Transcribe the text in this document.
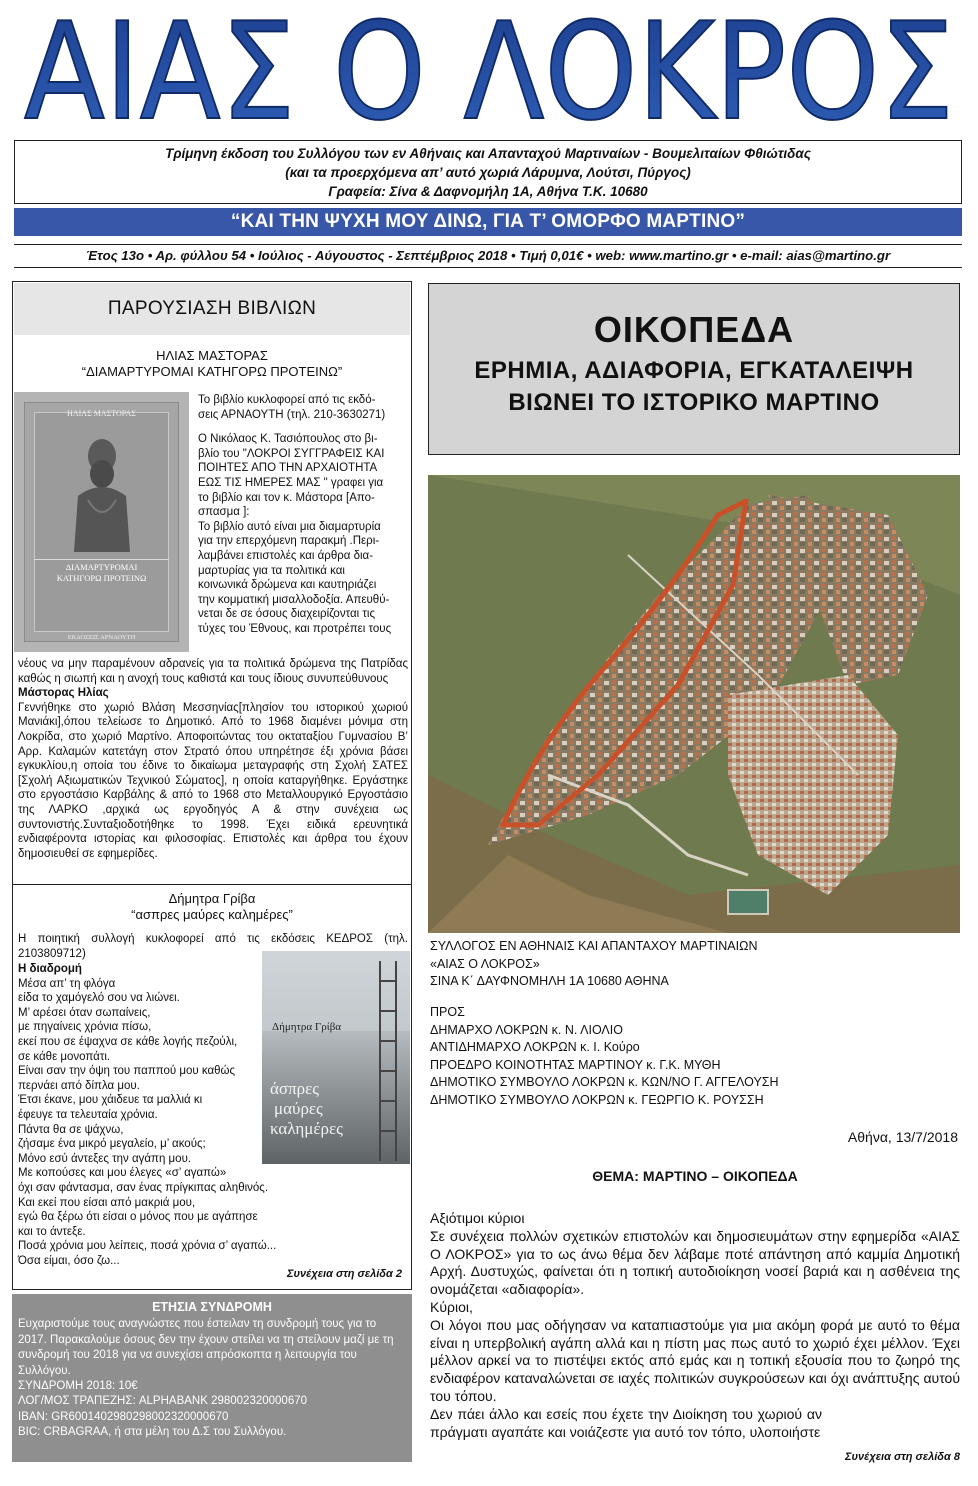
ΑΙΑΣ Ο ΛΟΚΡΟΣ
Τρίμηνη έκδοση του Συλλόγου των εν Αθήναις και Απανταχού Μαρτιναίων - Βουμελιταίων Φθιώτιδας
(και τα προερχόμενα απ’ αυτό χωριά Λάρυμνα, Λούτσι, Πύργος)
Γραφεία: Σίνα & Δαφνομήλη 1Α, Αθήνα Τ.Κ. 10680
“ΚΑΙ ΤΗΝ ΨΥΧΗ ΜΟΥ ΔΙΝΩ, ΓΙΑ Τ’ ΟΜΟΡΦΟ ΜΑΡΤΙΝΟ”
Έτος 13ο • Αρ. φύλλου 54 • Ιούλιος - Αύγουστος - Σεπτέμβριος 2018 • Τιμή 0,01€ • web: www.martino.gr • e-mail: aias@martino.gr
ΠΑΡΟΥΣΙΑΣΗ ΒΙΒΛΙΩΝ
ΗΛΙΑΣ ΜΑΣΤΟΡΑΣ
“ΔΙΑΜΑΡΤΥΡΟΜΑΙ ΚΑΤΗΓΟΡΩ ΠΡΟΤΕΙΝΩ”
ΗΛΙΑΣ ΜΑΣΤΟΡΑΣ
ΔΙΑΜΑΡΤΥΡΟΜΑΙ
ΚΑΤΗΓΟΡΩ ΠΡΟΤΕΙΝΩ
ΕΚΔΟΣΕΙΣ ΑΡΝΑΟΥΤΗ
Το βιβλίο κυκλοφορεί από τις εκδό-
σεις ΑΡΝΑΟΥΤΗ (τηλ. 210-3630271)
Ο Νικόλαος Κ. Τασιόπουλος στο βι-
βλίο του "ΛΟΚΡΟΙ ΣΥΓΓΡΑΦΕΙΣ ΚΑΙ
ΠΟΙΗΤΕΣ ΑΠΟ ΤΗΝ ΑΡΧΑΙΟΤΗΤΑ
ΕΩΣ ΤΙΣ ΗΜΕΡΕΣ ΜΑΣ " γραφει για
το βιβλίο και τον κ. Μάστορα [Απο-
σπασμα ]:
Το βιβλίο αυτό είναι μια διαμαρτυρία
για την επερχόμενη παρακμή .Περι-
λαμβάνει επιστολές και άρθρα δια-
μαρτυρίας για τα πολιτικά και
κοινωνικά δρώμενα και καυτηριάζει
την κομματική μισαλλοδοξία. Απευθύ-
νεται δε σε όσους διαχειρίζονται τις
τύχες του Έθνους, και προτρέπει τους
νέους να μην παραμένουν αδρανείς για τα πολιτικά δρώμενα της Πατρίδας καθώς η σιωπή και η ανοχή τους καθιστά και τους ίδιους συνυπεύθυνους
Μάστορας Ηλίας
Γεννήθηκε στο χωριό Βλάση Μεσσηνίας[πλησίον του ιστορικού χωριού Μανιάκι],όπου τελείωσε το Δημοτικό. Από το 1968 διαμένει μόνιμα στη Λοκρίδα, στο χωριό Μαρτίνο. Αποφοιτώντας του οκταταξίου Γυμνασίου Β’ Αρρ. Καλαμών κατετάγη στον Στρατό όπου υπηρέτησε έξι χρόνια βάσει εγκυκλίου,η οποία του έδινε το δικαίωμα μεταγραφής στη Σχολή ΣΑΤΕΣ [Σχολή Αξιωματικών Τεχνικού Σώματος], η οποία καταργήθηκε. Εργάστηκε στο εργοστάσιο Καρβάλης & από το 1968 στο Μεταλλουργικό Εργοστάσιο της ΛΑΡΚΟ ,αρχικά ως εργοδηγός Α & στην συνέχεια ως συντονιστής.Συνταξιοδοτήθηκε το 1998. Έχει ειδικά ερευνητικά ενδιαφέροντα ιστορίας και φιλοσοφίας. Επιστολές και άρθρα του έχουν δημοσιευθεί σε εφημερίδες.
Δήμητρα Γρίβα
“ασπρες μαύρες καλημέρες”
Η ποιητική συλλογή κυκλοφορεί από τις εκδόσεις ΚΕΔΡΟΣ (τηλ. 2103809712)
Η διαδρομή
Μέσα απ’ τη φλόγα
είδα το χαμόγελό σου να λιώνει.
Μ’ αρέσει όταν σωπαίνεις,
με πηγαίνεις χρόνια πίσω,
εκεί που σε έψαχνα σε κάθε λογής πεζούλι,
σε κάθε μονοπάτι.
Είναι σαν την όψη του παππού μου καθώς
περνάει από δίπλα μου.
Έτσι έκανε, μου χάιδευε τα μαλλιά κι
έφευγε τα τελευταία χρόνια.
Πάντα θα σε ψάχνω,
ζήσαμε ένα μικρό μεγαλείο, μ’ ακούς;
Μόνο εσύ άντεξες την αγάπη μου.
Με κοπούσες και μου έλεγες «σ’ αγαπώ»
όχι σαν φάντασμα, σαν ένας πρίγκιπας αληθινός.
Και εκεί που είσαι από μακριά μου,
εγώ θα ξέρω ότι είσαι ο μόνος που με αγάπησε
και το άντεξε.
Ποσά χρόνια μου λείπεις, ποσά χρόνια σ’ αγαπώ...
Όσα είμαι, όσο ζω...
Συνέχεια στη σελίδα 2
Δήμητρα Γρίβα
άσπρες
μαύρες
καλημέρες
ΕΤΗΣΙΑ ΣΥΝΔΡΟΜΗ
Ευχαριστούμε τους αναγνώστες που έστειλαν τη συνδρομή τους για το 2017. Παρακαλούμε όσους δεν την έχουν στείλει να τη στείλουν μαζί με τη συνδρομή του 2018 για να συνεχίσει απρόσκοπτα η λειτουργία του Συλλόγου.
ΣΥΝΔΡΟΜΗ 2018: 10€
ΛΟΓ/ΜΟΣ ΤΡΑΠΕΖΗΣ: ALPHABANK 298002320000670
IBAN: GR6001402980298002320000670
BIC: CRBAGRAA, ή στα μέλη του Δ.Σ του Συλλόγου.
ΟΙΚΟΠΕΔΑ
ΕΡΗΜΙΑ, ΑΔΙΑΦΟΡΙΑ, ΕΓΚΑΤΑΛΕΙΨΗ
ΒΙΩΝΕΙ ΤΟ ΙΣΤΟΡΙΚΟ ΜΑΡΤΙΝΟ
ΣΥΛΛΟΓΟΣ ΕΝ ΑΘΗΝΑΙΣ ΚΑΙ ΑΠΑΝΤΑΧΟΥ ΜΑΡΤΙΝΑΙΩΝ
«ΑΙΑΣ Ο ΛΟΚΡΟΣ»
ΣΙΝΑ Κ΄ ΔΑΥΦΝΟΜΗΛΗ 1Α 10680 ΑΘΗΝΑ
ΠΡΟΣ
ΔΗΜΑΡΧΟ ΛΟΚΡΩΝ κ. Ν. ΛΙΟΛΙΟ
ΑΝΤΙΔΗΜΑΡΧΟ ΛΟΚΡΩΝ κ. Ι. Κούρο
ΠΡΟΕΔΡΟ ΚΟΙΝΟΤΗΤΑΣ ΜΑΡΤΙΝΟΥ κ. Γ.Κ. ΜΥΘΗ
ΔΗΜΟΤΙΚΟ ΣΥΜΒΟΥΛΟ ΛΟΚΡΩΝ κ. ΚΩΝ/ΝΟ Γ. ΑΓΓΕΛΟΥΣΗ
ΔΗΜΟΤΙΚΟ ΣΥΜΒΟΥΛΟ ΛΟΚΡΩΝ κ. ΓΕΩΡΓΙΟ Κ. ΡΟΥΣΣΗ
Αθήνα, 13/7/2018
ΘΕΜΑ: ΜΑΡΤΙΝΟ – ΟΙΚΟΠΕΔΑ
Αξιότιμοι κύριοι
Σε συνέχεια πολλών σχετικών επιστολών και δημοσιευμάτων στην εφημερίδα «ΑΙΑΣ Ο ΛΟΚΡΟΣ» για το ως άνω θέμα δεν λάβαμε ποτέ απάντηση από καμμία Δημοτική Αρχή. Δυστυχώς, φαίνεται ότι η τοπική αυτοδιοίκηση νοσεί βαριά και η ασθένεια της ονομάζεται «αδιαφορία».
Κύριοι,
Οι λόγοι που μας οδήγησαν να καταπιαστούμε για μια ακόμη φορά με αυτό το θέμα είναι η υπερβολική αγάπη αλλά και η πίστη μας πως αυτό το χωριό έχει μέλλον. Έχει μέλλον αρκεί να το πιστέψει εκτός από εμάς και η τοπική εξουσία που το ζωηρό της ενδιαφέρον καταναλώνεται σε ιαχές πολιτικών συγκρούσεων και όχι ανάπτυξης αυτού του τόπου.
Δεν πάει άλλο και εσείς που έχετε την Διοίκηση του χωριού αν πράγματι αγαπάτε και νοιάζεστε για αυτό τον τόπο, υλοποιήστε
Συνέχεια στη σελίδα 8
